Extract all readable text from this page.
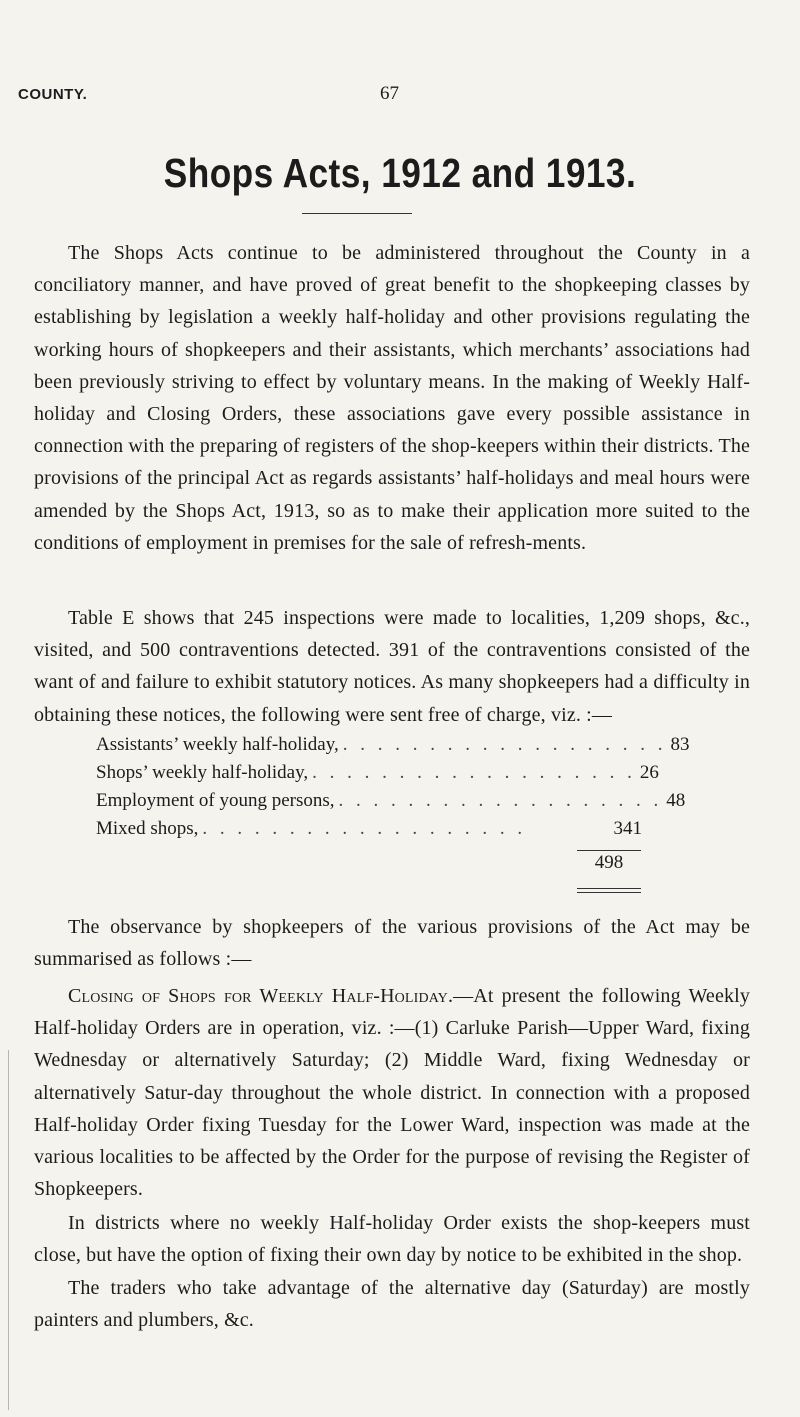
COUNTY.	67
Shops Acts, 1912 and 1913.

The Shops Acts continue to be administered throughout the County in a conciliatory manner, and have proved of great benefit to the shopkeeping classes by establishing by legislation a weekly half-holiday and other provisions regulating the working hours of shopkeepers and their assistants, which merchants’ associations had been previously striving to effect by voluntary means. In the making of Weekly Half-holiday and Closing Orders, these associations gave every possible assistance in connection with the preparing of registers of the shop-keepers within their districts. The provisions of the principal Act as regards assistants’ half-holidays and meal hours were amended by the Shops Act, 1913, so as to make their application more suited to the conditions of employment in premises for the sale of refresh-ments.

Table E shows that 245 inspections were made to localities, 1,209 shops, &c., visited, and 500 contraventions detected. 391 of the contraventions consisted of the want of and failure to exhibit statutory notices. As many shopkeepers had a difficulty in obtaining these notices, the following were sent free of charge, viz. :—

Assistants’ weekly half-holiday, . . . . . . . . . . . . . . . . . . . 83
Shops’ weekly half-holiday, . . . . . . . . . . . . . . . . . . . 26
Employment of young persons, . . . . . . . . . . . . . . . . . . . 48
Mixed shops, . . . . . . . . . . . . . . . . . . .	341
498

The observance by shopkeepers of the various provisions of the Act may be summarised as follows :—

Closing of Shops for Weekly Half-Holiday.—At present the following Weekly Half-holiday Orders are in operation, viz. :—(1) Carluke Parish—Upper Ward, fixing Wednesday or alternatively Saturday; (2) Middle Ward, fixing Wednesday or alternatively Satur-day throughout the whole district. In connection with a proposed Half-holiday Order fixing Tuesday for the Lower Ward, inspection was made at the various localities to be affected by the Order for the purpose of revising the Register of Shopkeepers.

In districts where no weekly Half-holiday Order exists the shop-keepers must close, but have the option of fixing their own day by notice to be exhibited in the shop.

The traders who take advantage of the alternative day (Saturday) are mostly painters and plumbers, &c.
